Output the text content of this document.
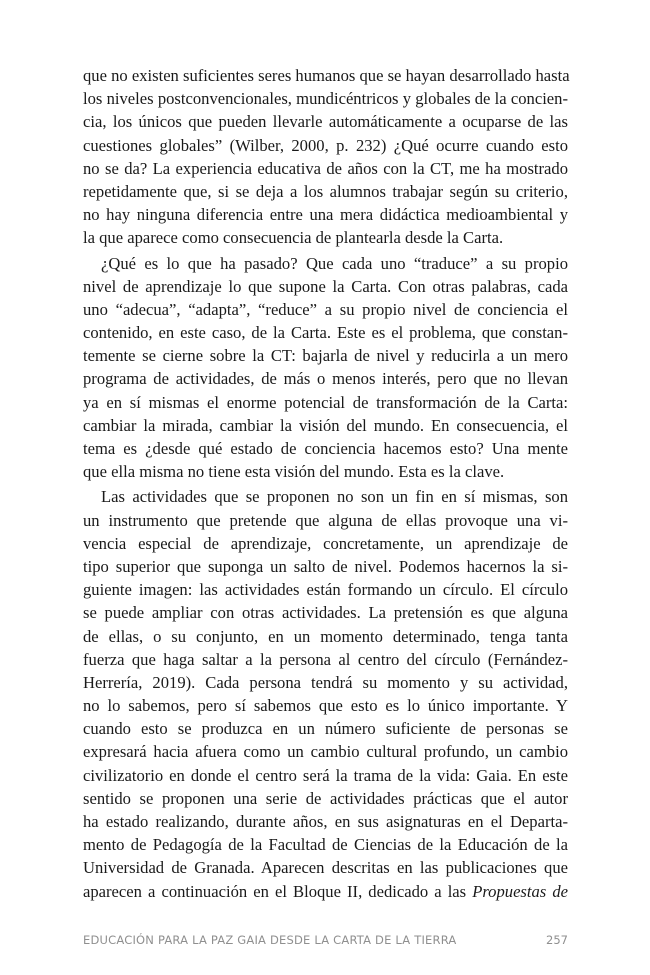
que no existen suficientes seres humanos que se hayan desarrollado hasta
los niveles postconvencionales, mundicéntricos y globales de la concien-
cia, los únicos que pueden llevarle automáticamente a ocuparse de las
cuestiones globales” (Wilber, 2000, p. 232) ¿Qué ocurre cuando esto
no se da? La experiencia educativa de años con la CT, me ha mostrado
repetidamente que, si se deja a los alumnos trabajar según su criterio,
no hay ninguna diferencia entre una mera didáctica medioambiental y
la que aparece como consecuencia de plantearla desde la Carta.
¿Qué es lo que ha pasado? Que cada uno “traduce” a su propio
nivel de aprendizaje lo que supone la Carta. Con otras palabras, cada
uno “adecua”, “adapta”, “reduce” a su propio nivel de conciencia el
contenido, en este caso, de la Carta. Este es el problema, que constan-
temente se cierne sobre la CT: bajarla de nivel y reducirla a un mero
programa de actividades, de más o menos interés, pero que no llevan
ya en sí mismas el enorme potencial de transformación de la Carta:
cambiar la mirada, cambiar la visión del mundo. En consecuencia, el
tema es ¿desde qué estado de conciencia hacemos esto? Una mente
que ella misma no tiene esta visión del mundo. Esta es la clave.
Las actividades que se proponen no son un fin en sí mismas, son
un instrumento que pretende que alguna de ellas provoque una vi-
vencia especial de aprendizaje, concretamente, un aprendizaje de
tipo superior que suponga un salto de nivel. Podemos hacernos la si-
guiente imagen: las actividades están formando un círculo. El círculo
se puede ampliar con otras actividades. La pretensión es que alguna
de ellas, o su conjunto, en un momento determinado, tenga tanta
fuerza que haga saltar a la persona al centro del círculo (Fernández-
Herrería, 2019). Cada persona tendrá su momento y su actividad,
no lo sabemos, pero sí sabemos que esto es lo único importante. Y
cuando esto se produzca en un número suficiente de personas se
expresará hacia afuera como un cambio cultural profundo, un cambio
civilizatorio en donde el centro será la trama de la vida: Gaia. En este
sentido se proponen una serie de actividades prácticas que el autor
ha estado realizando, durante años, en sus asignaturas en el Departa-
mento de Pedagogía de la Facultad de Ciencias de la Educación de la
Universidad de Granada. Aparecen descritas en las publicaciones que
aparecen a continuación en el Bloque II, dedicado a las Propuestas de
EDUCACIÓN PARA LA PAZ GAIA DESDE LA CARTA DE LA TIERRA	257
